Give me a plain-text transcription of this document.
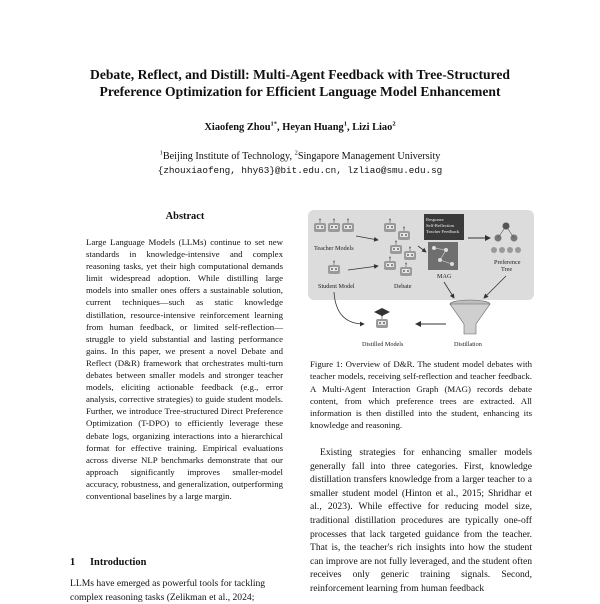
Debate, Reflect, and Distill: Multi-Agent Feedback with Tree-Structured
Preference Optimization for Efficient Language Model Enhancement
Xiaofeng Zhou$^{1*}$, Heyan Huang$^1$, Lizi Liao$^2$
$^1$Beijing Institute of Technology, $^2$Singapore Management University
{zhouxiaofeng, hhy63}@bit.edu.cn, lzliao@smu.edu.sg
Abstract

Large Language Models (LLMs) continue to set new standards in knowledge-intensive and complex reasoning tasks, yet their high computational demands limit widespread adoption. While distilling large models into smaller ones offers a sustainable solution, current techniques—such as static knowledge distillation, resource-intensive reinforcement learning from human feedback, or limited self-reflection—struggle to yield substantial and lasting performance gains. In this paper, we present a novel Debate and Reflect (D&R) framework that orchestrates multi-turn debates between smaller models and stronger teacher models, eliciting actionable feedback (e.g., error analysis, corrective strategies) to guide student models. Further, we introduce Tree-structured Direct Preference Optimization (T-DPO) to efficiently leverage these debate logs, organizing interactions into a hierarchical format for effective training. Empirical evaluations across diverse NLP benchmarks demonstrate that our approach significantly improves smaller-model accuracy, robustness, and generalization, outperforming conventional baselines by a large margin.

1 Introduction

LLMs have emerged as powerful tools for tackling
complex reasoning tasks (Zelikman et al., 2024;

Teacher Models
Student Model	Debate
Response
Self-Reflection
Teacher Feedback
MAG
Preference
Tree
Distillation
Distilled Models

Figure 1: Overview of D&R. The student model debates with teacher models, receiving self-reflection and teacher feedback. A Multi-Agent Interaction Graph (MAG) records debate content, from which preference trees are extracted. All information is then distilled into the student, enhancing its knowledge and reasoning.

Existing strategies for enhancing smaller models generally fall into three categories. First, knowledge distillation transfers knowledge from a larger teacher to a smaller student model (Hinton et al., 2015; Shridhar et al., 2023). While effective for reducing model size, traditional distillation procedures are typically one-off processes that lack targeted guidance from the teacher. That is, the teacher's rich insights into how the student can improve are not fully leveraged, and the student often receives only generic training signals. Second, reinforcement learning from human feedback
